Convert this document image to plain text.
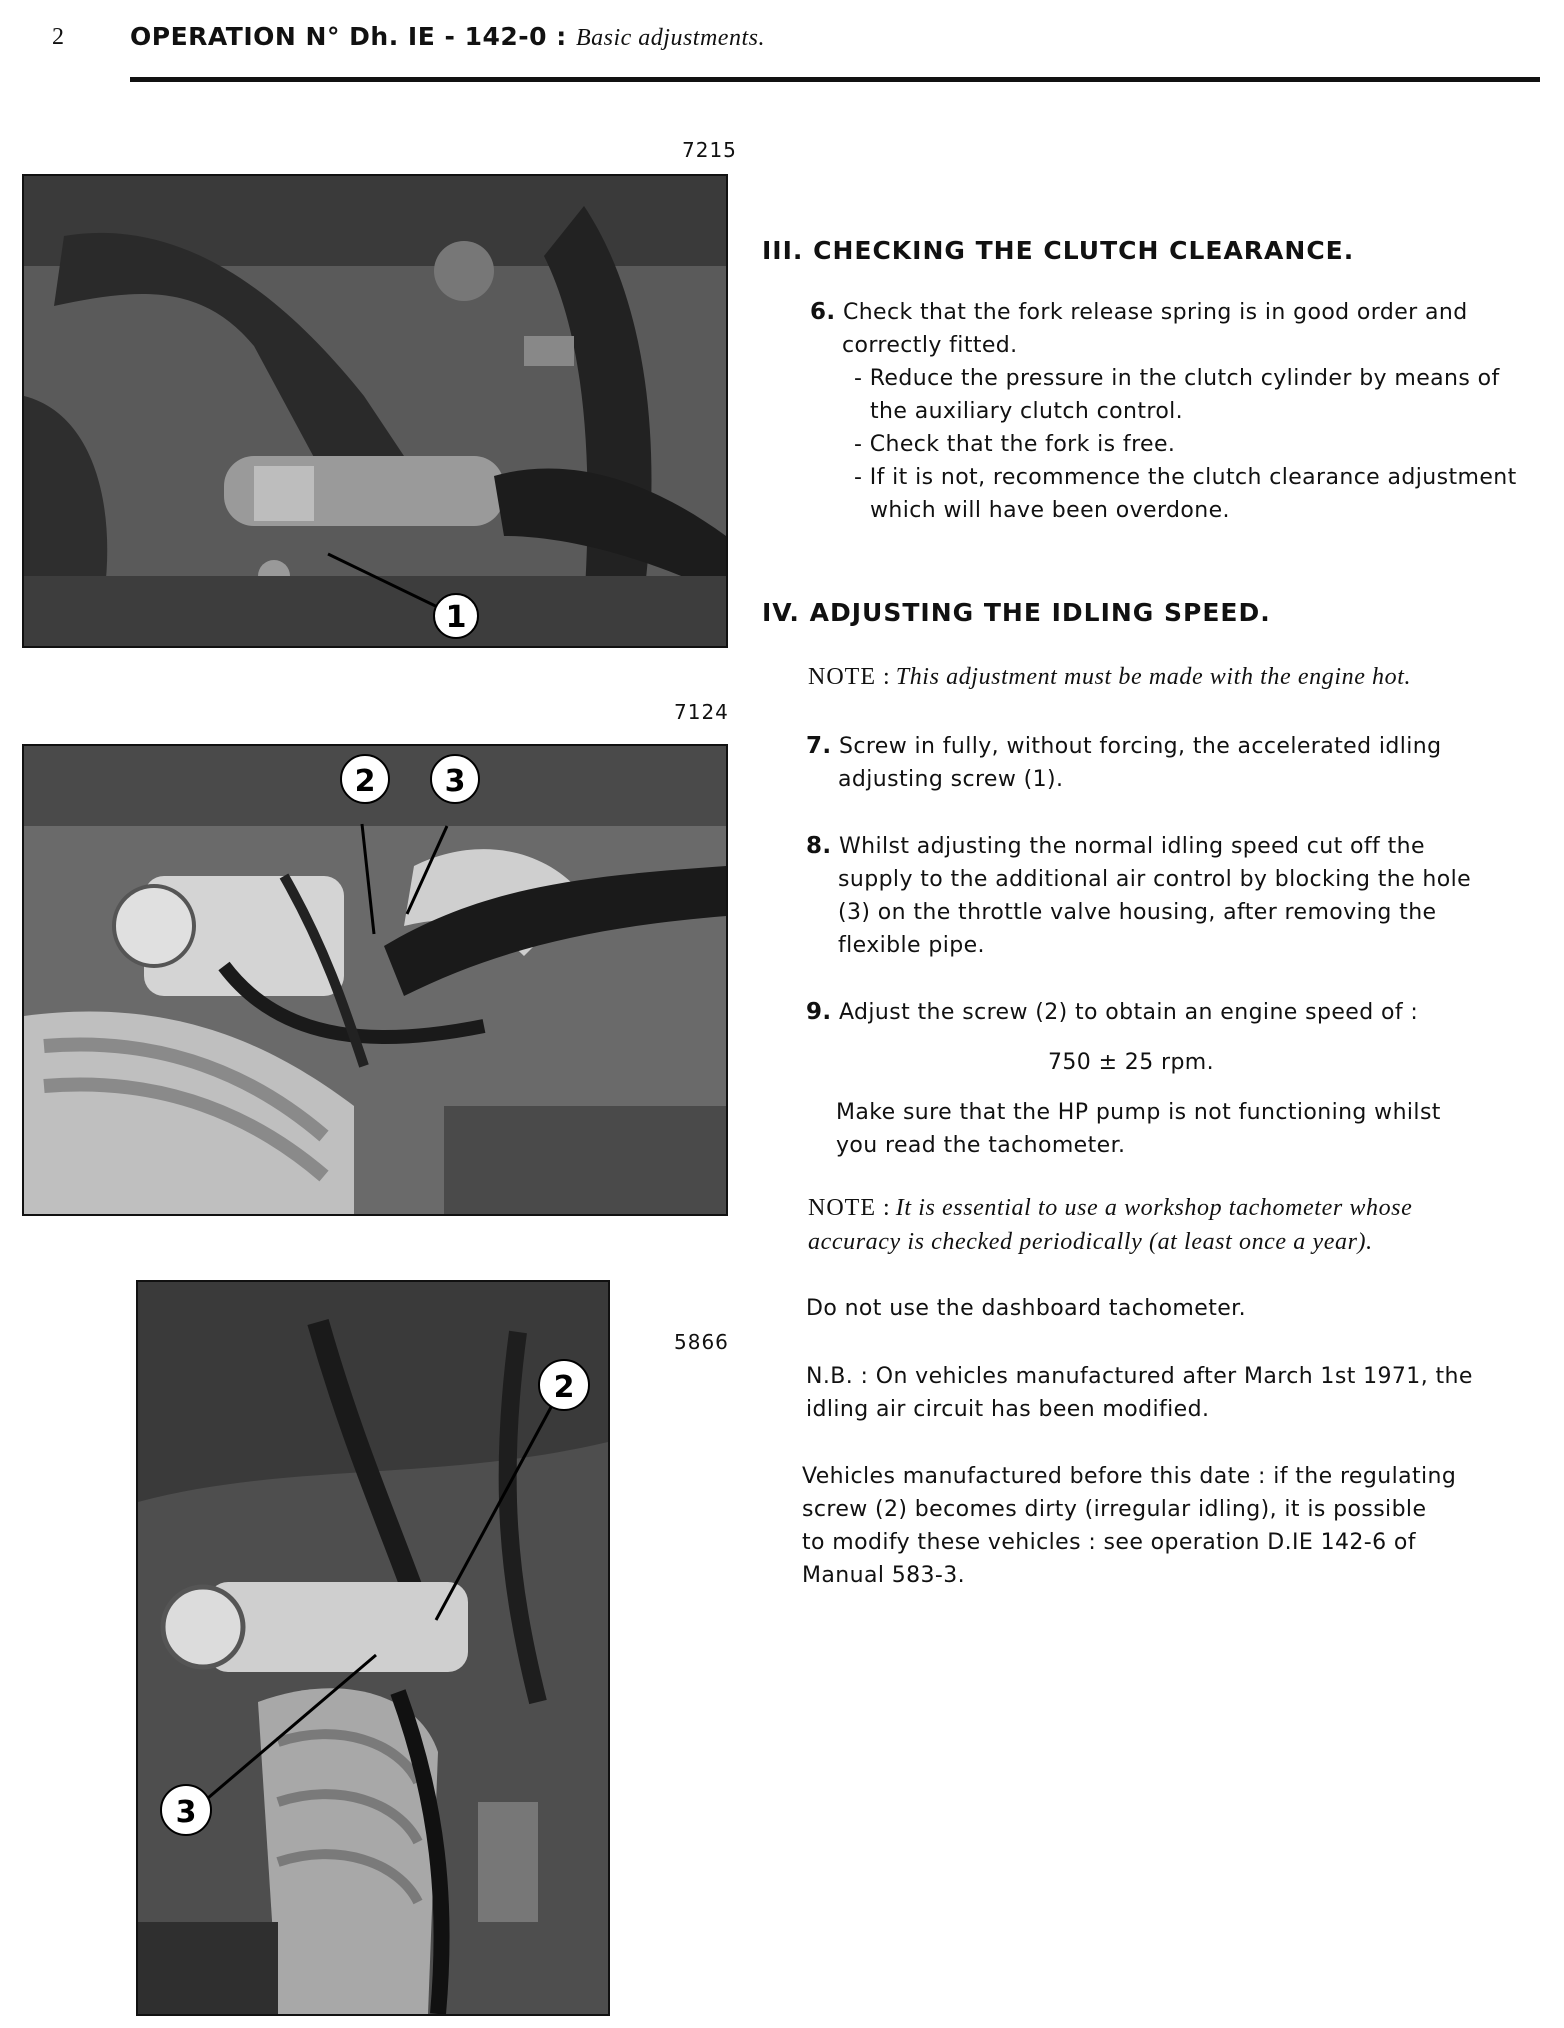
2	OPERATION N° Dh. IE - 142-0 : Basic adjustments.
7215
1
7124
2 3
5866
2
3
III. CHECKING THE CLUTCH CLEARANCE.
6. Check that the fork release spring is in good order and
correctly fitted.
- Reduce the pressure in the clutch cylinder by means of
the auxiliary clutch control.
- Check that the fork is free.
- If it is not, recommence the clutch clearance adjustment
which will have been overdone.
IV. ADJUSTING THE IDLING SPEED.
NOTE : This adjustment must be made with the engine hot.
7. Screw in fully, without forcing, the accelerated idling
adjusting screw (1).
8. Whilst adjusting the normal idling speed cut off the
supply to the additional air control by blocking the hole
(3) on the throttle valve housing, after removing the
flexible pipe.
9. Adjust the screw (2) to obtain an engine speed of :
750 ± 25 rpm.
Make sure that the HP pump is not functioning whilst
you read the tachometer.
NOTE : It is essential to use a workshop tachometer whose
accuracy is checked periodically (at least once a year).
Do not use the dashboard tachometer.
N.B. : On vehicles manufactured after March 1st 1971, the
idling air circuit has been modified.
Vehicles manufactured before this date : if the regulating
screw (2) becomes dirty (irregular idling), it is possible
to modify these vehicles : see operation D.IE 142-6 of
Manual 583-3.
